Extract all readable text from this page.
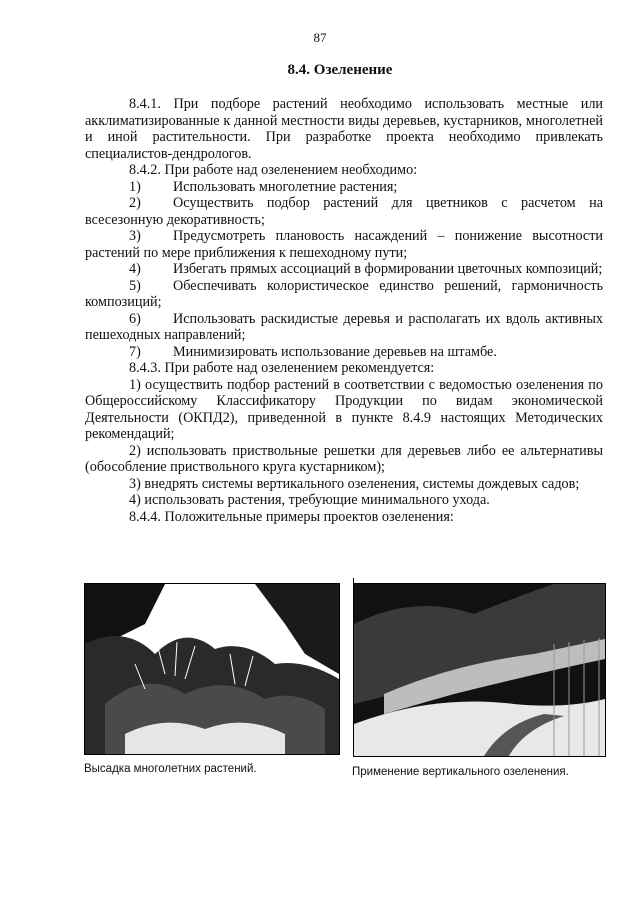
87
8.4. Озеленение

8.4.1. При подборе растений необходимо использовать местные или акклиматизированные к данной местности виды деревьев, кустарников, многолетней и иной растительности. При разработке проекта необходимо привлекать специалистов-дендрологов.

8.4.2. При работе над озеленением необходимо:

1) Использовать многолетние растения;

2) Осуществить подбор растений для цветников с расчетом на всесезонную декоративность;

3) Предусмотреть плановость насаждений – понижение высотности растений по мере приближения к пешеходному пути;

4) Избегать прямых ассоциаций в формировании цветочных композиций;

5) Обеспечивать колористическое единство решений, гармоничность композиций;

6) Использовать раскидистые деревья и располагать их вдоль активных пешеходных направлений;

7) Минимизировать использование деревьев на штамбе.

8.4.3. При работе над озеленением рекомендуется:

1) осуществить подбор растений в соответствии с ведомостью озеленения по Общероссийскому Классификатору Продукции по видам экономической Деятельности (ОКПД2), приведенной в пункте 8.4.9 настоящих Методических рекомендаций;

2) использовать приствольные решетки для деревьев либо ее альтернативы (обособление приствольного круга кустарником);

3) внедрять системы вертикального озеленения, системы дождевых садов;

4) использовать растения, требующие минимального ухода.

8.4.4. Положительные примеры проектов озеленения:

Высадка многолетних растений.	Применение вертикального озеленения.
